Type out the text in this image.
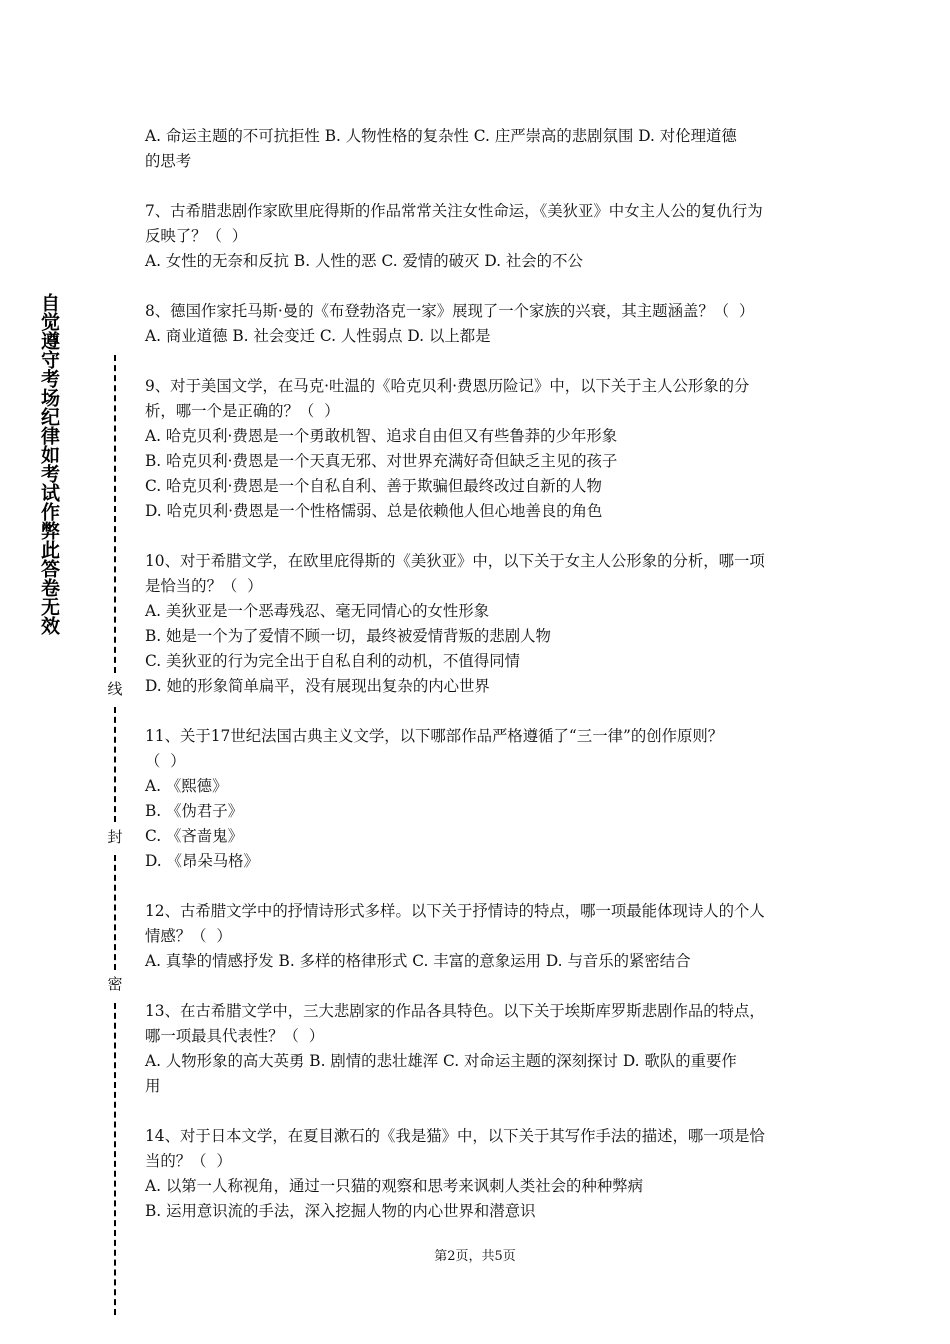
自觉遵守考场纪律如考试作弊此答卷无效
线
封
密
A. 命运主题的不可抗拒性 B. 人物性格的复杂性 C. 庄严崇高的悲剧氛围 D. 对伦理道德
的思考
7、古希腊悲剧作家欧里庇得斯的作品常常关注女性命运，《美狄亚》中女主人公的复仇行为
反映了？（  ）
A. 女性的无奈和反抗 B. 人性的恶 C. 爱情的破灭 D. 社会的不公
8、德国作家托马斯·曼的《布登勃洛克一家》展现了一个家族的兴衰，其主题涵盖？（  ）
A. 商业道德 B. 社会变迁 C. 人性弱点 D. 以上都是
9、对于美国文学，在马克·吐温的《哈克贝利·费恩历险记》中，以下关于主人公形象的分
析，哪一个是正确的？（  ）
A. 哈克贝利·费恩是一个勇敢机智、追求自由但又有些鲁莽的少年形象
B. 哈克贝利·费恩是一个天真无邪、对世界充满好奇但缺乏主见的孩子
C. 哈克贝利·费恩是一个自私自利、善于欺骗但最终改过自新的人物
D. 哈克贝利·费恩是一个性格懦弱、总是依赖他人但心地善良的角色
10、对于希腊文学，在欧里庇得斯的《美狄亚》中，以下关于女主人公形象的分析，哪一项
是恰当的？（  ）
A. 美狄亚是一个恶毒残忍、毫无同情心的女性形象
B. 她是一个为了爱情不顾一切，最终被爱情背叛的悲剧人物
C. 美狄亚的行为完全出于自私自利的动机，不值得同情
D. 她的形象简单扁平，没有展现出复杂的内心世界
11、关于17世纪法国古典主义文学，以下哪部作品严格遵循了“三一律”的创作原则？
（  ）
A. 《熙德》
B. 《伪君子》
C. 《吝啬鬼》
D. 《昂朵马格》
12、古希腊文学中的抒情诗形式多样。以下关于抒情诗的特点，哪一项最能体现诗人的个人
情感？（  ）
A. 真挚的情感抒发 B. 多样的格律形式 C. 丰富的意象运用 D. 与音乐的紧密结合
13、在古希腊文学中，三大悲剧家的作品各具特色。以下关于埃斯库罗斯悲剧作品的特点，
哪一项最具代表性？（  ）
A. 人物形象的高大英勇 B. 剧情的悲壮雄浑 C. 对命运主题的深刻探讨 D. 歌队的重要作
用
14、对于日本文学，在夏目漱石的《我是猫》中，以下关于其写作手法的描述，哪一项是恰
当的？（  ）
A. 以第一人称视角，通过一只猫的观察和思考来讽刺人类社会的种种弊病
B. 运用意识流的手法，深入挖掘人物的内心世界和潜意识
第2页，共5页
